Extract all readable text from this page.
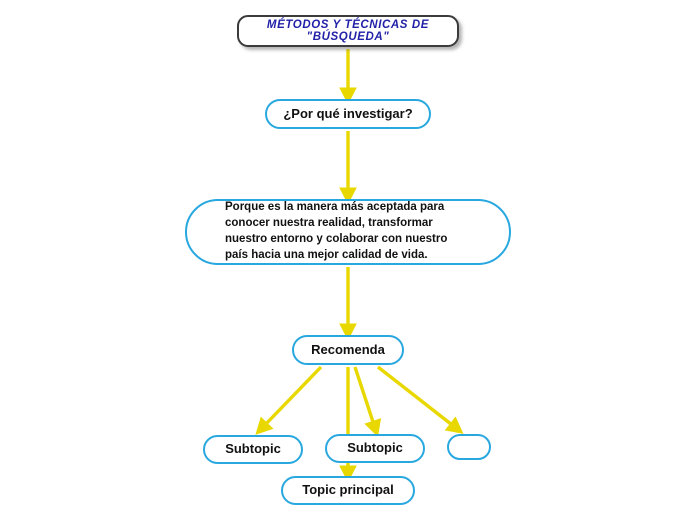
MÉTODOS Y TÉCNICAS DE "BÚSQUEDA"
¿Por qué investigar?
Porque es la manera más aceptada para
conocer nuestra realidad, transformar
nuestro entorno y colaborar con nuestro
país hacia una mejor calidad de vida.
Recomenda
Subtopic	Subtopic
Topic principal
